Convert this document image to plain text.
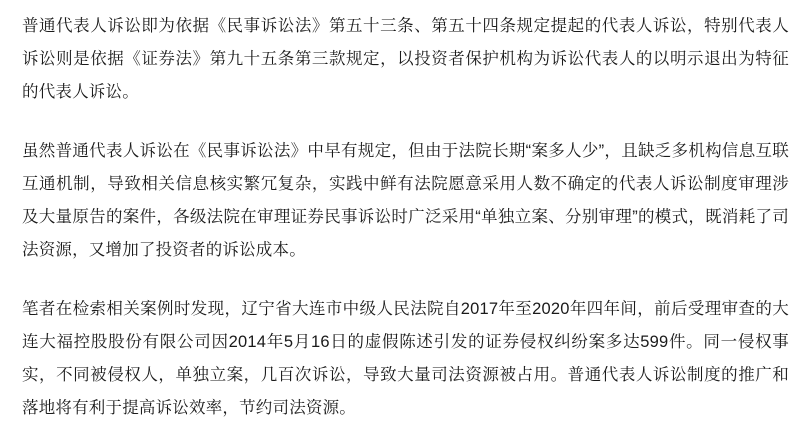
普通代表人诉讼即为依据《民事诉讼法》第五十三条、第五十四条规定提起的代表人诉讼，特别代表人诉讼则是依据《证券法》第九十五条第三款规定，以投资者保护机构为诉讼代表人的以明示退出为特征的代表人诉讼。

虽然普通代表人诉讼在《民事诉讼法》中早有规定，但由于法院长期“案多人少”，且缺乏多机构信息互联互通机制，导致相关信息核实繁冗复杂，实践中鲜有法院愿意采用人数不确定的代表人诉讼制度审理涉及大量原告的案件，各级法院在审理证券民事诉讼时广泛采用“单独立案、分别审理”的模式，既消耗了司法资源，又增加了投资者的诉讼成本。

笔者在检索相关案例时发现，辽宁省大连市中级人民法院自2017年至2020年四年间，前后受理审查的大连大福控股股份有限公司因2014年5月16日的虚假陈述引发的证券侵权纠纷案多达599件。同一侵权事实，不同被侵权人，单独立案，几百次诉讼，导致大量司法资源被占用。普通代表人诉讼制度的推广和落地将有利于提高诉讼效率，节约司法资源。
